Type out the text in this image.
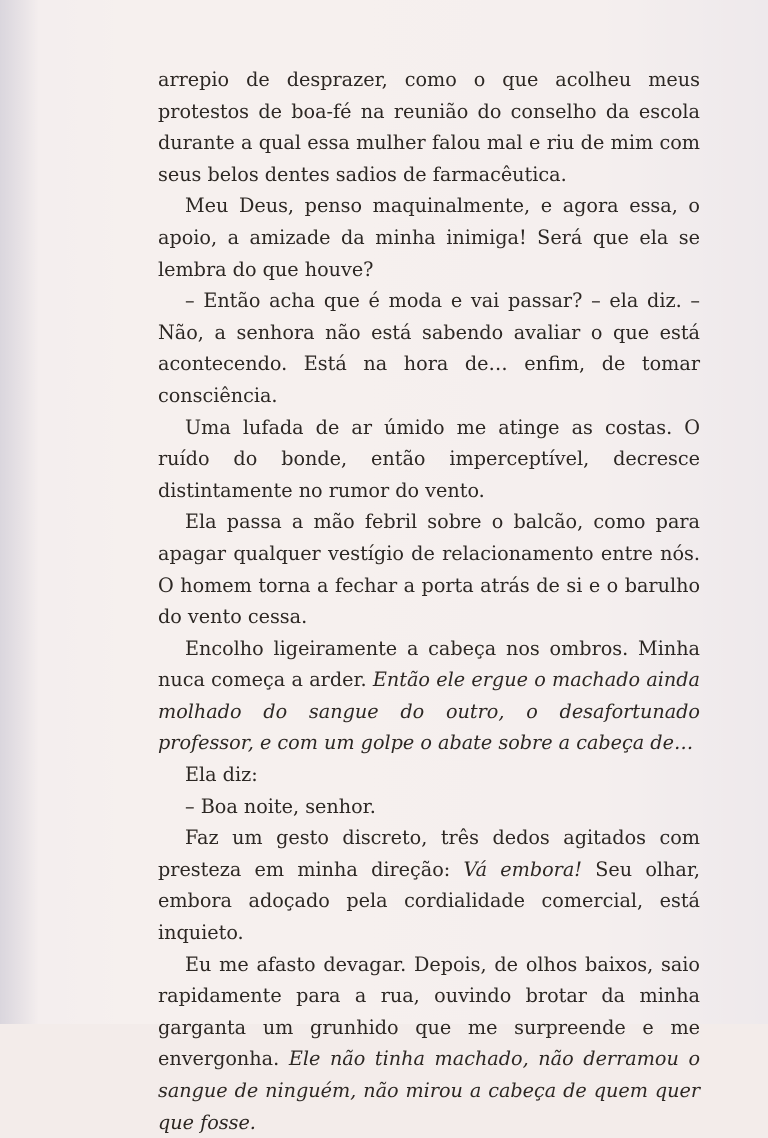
arrepio de desprazer, como o que acolheu meus protestos de boa-fé na reunião do conselho da escola durante a qual essa mulher falou mal e riu de mim com seus belos dentes sadios de farmacêutica.

Meu Deus, penso maquinalmente, e agora essa, o apoio, a amizade da minha inimiga! Será que ela se lembra do que houve?

– Então acha que é moda e vai passar? – ela diz. – Não, a senhora não está sabendo avaliar o que está acontecendo. Está na hora de… enfim, de tomar consciência.

Uma lufada de ar úmido me atinge as costas. O ruído do bonde, então imperceptível, decresce distintamente no rumor do vento.

Ela passa a mão febril sobre o balcão, como para apagar qualquer vestígio de relacionamento entre nós. O homem torna a fechar a porta atrás de si e o barulho do vento cessa.

Encolho ligeiramente a cabeça nos ombros. Minha nuca começa a arder. Então ele ergue o machado ainda molhado do sangue do outro, o desafortunado professor, e com um golpe o abate sobre a cabeça de…

Ela diz:

– Boa noite, senhor.

Faz um gesto discreto, três dedos agitados com presteza em minha direção: Vá embora! Seu olhar, embora adoçado pela cordialidade comercial, está inquieto.

Eu me afasto devagar. Depois, de olhos baixos, saio rapidamente para a rua, ouvindo brotar da minha garganta um grunhido que me surpreende e me envergonha. Ele não tinha machado, não derramou o sangue de ninguém, não mirou a cabeça de quem quer que fosse.
